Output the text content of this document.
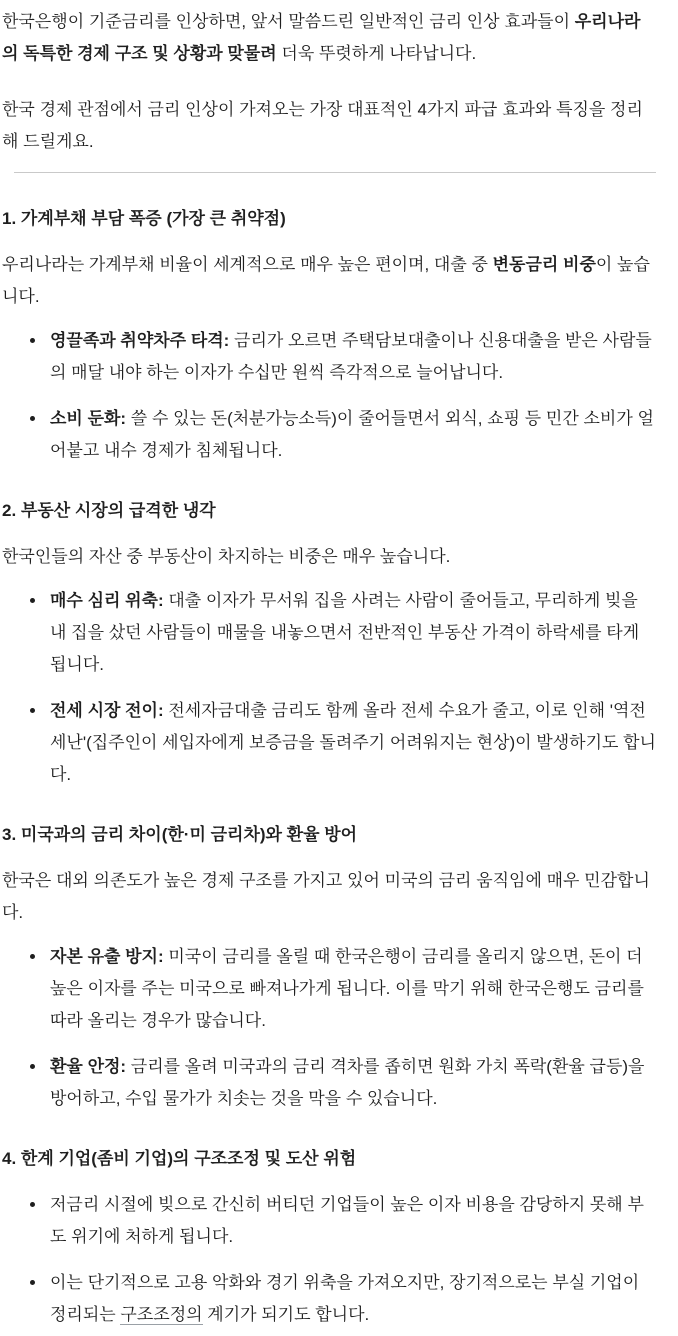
한국은행이 기준금리를 인상하면, 앞서 말씀드린 일반적인 금리 인상 효과들이 우리나라의 독특한 경제 구조 및 상황과 맞물려 더욱 뚜렷하게 나타납니다.

한국 경제 관점에서 금리 인상이 가져오는 가장 대표적인 4가지 파급 효과와 특징을 정리해 드릴게요.

1. 가계부채 부담 폭증 (가장 큰 취약점)

우리나라는 가계부채 비율이 세계적으로 매우 높은 편이며, 대출 중 변동금리 비중이 높습니다.

영끌족과 취약차주 타격: 금리가 오르면 주택담보대출이나 신용대출을 받은 사람들의 매달 내야 하는 이자가 수십만 원씩 즉각적으로 늘어납니다.
소비 둔화: 쓸 수 있는 돈(처분가능소득)이 줄어들면서 외식, 쇼핑 등 민간 소비가 얼어붙고 내수 경제가 침체됩니다.
2. 부동산 시장의 급격한 냉각

한국인들의 자산 중 부동산이 차지하는 비중은 매우 높습니다.

매수 심리 위축: 대출 이자가 무서워 집을 사려는 사람이 줄어들고, 무리하게 빚을 내 집을 샀던 사람들이 매물을 내놓으면서 전반적인 부동산 가격이 하락세를 타게 됩니다.
전세 시장 전이: 전세자금대출 금리도 함께 올라 전세 수요가 줄고, 이로 인해 '역전세난'(집주인이 세입자에게 보증금을 돌려주기 어려워지는 현상)이 발생하기도 합니다.
3. 미국과의 금리 차이(한·미 금리차)와 환율 방어

한국은 대외 의존도가 높은 경제 구조를 가지고 있어 미국의 금리 움직임에 매우 민감합니다.

자본 유출 방지: 미국이 금리를 올릴 때 한국은행이 금리를 올리지 않으면, 돈이 더 높은 이자를 주는 미국으로 빠져나가게 됩니다. 이를 막기 위해 한국은행도 금리를 따라 올리는 경우가 많습니다.
환율 안정: 금리를 올려 미국과의 금리 격차를 좁히면 원화 가치 폭락(환율 급등)을 방어하고, 수입 물가가 치솟는 것을 막을 수 있습니다.
4. 한계 기업(좀비 기업)의 구조조정 및 도산 위험
저금리 시절에 빚으로 간신히 버티던 기업들이 높은 이자 비용을 감당하지 못해 부도 위기에 처하게 됩니다.
이는 단기적으로 고용 악화와 경기 위축을 가져오지만, 장기적으로는 부실 기업이 정리되는 구조조정의 계기가 되기도 합니다.
